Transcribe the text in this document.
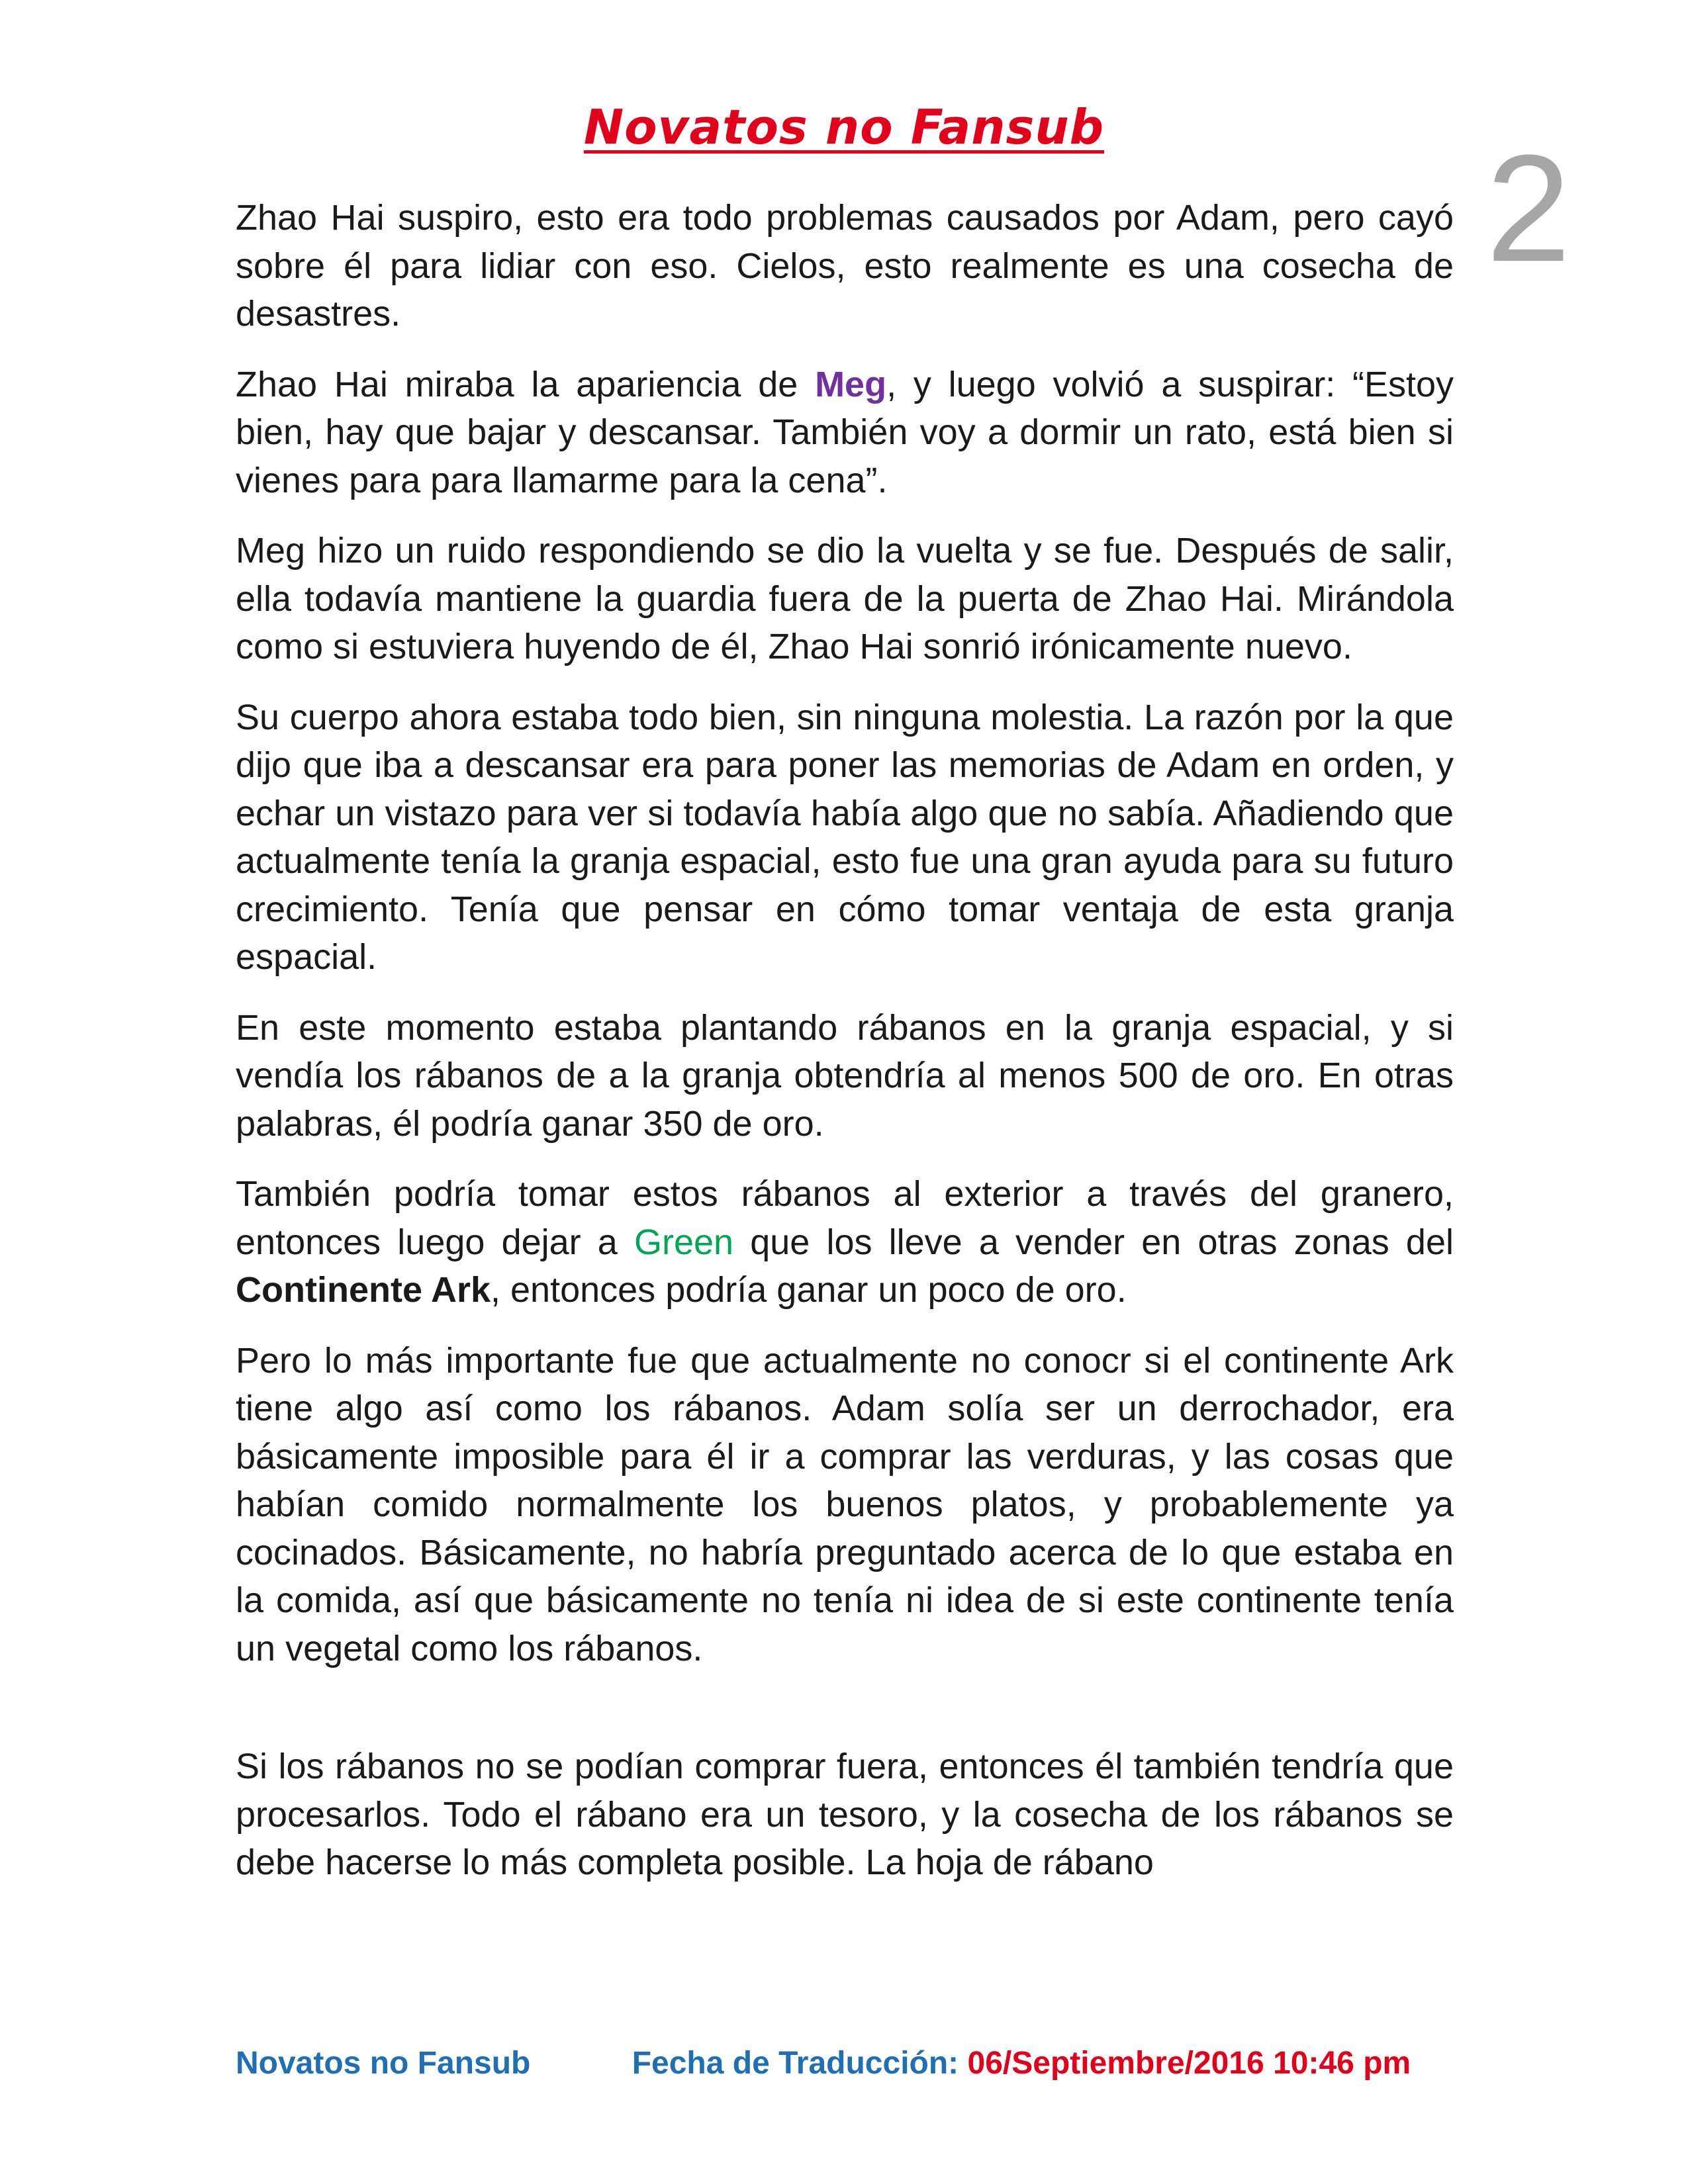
Novatos no Fansub	2

Zhao Hai suspiro, esto era todo problemas causados por Adam, pero cayó sobre él para lidiar con eso. Cielos, esto realmente es una cosecha de desastres.

Zhao Hai miraba la apariencia de Meg, y luego volvió a suspirar: “Estoy bien, hay que bajar y descansar. También voy a dormir un rato, está bien si vienes para para llamarme para la cena”.

Meg hizo un ruido respondiendo se dio la vuelta y se fue. Después de salir, ella todavía mantiene la guardia fuera de la puerta de Zhao Hai. Mirándola como si estuviera huyendo de él, Zhao Hai sonrió irónicamente nuevo.

Su cuerpo ahora estaba todo bien, sin ninguna molestia. La razón por la que dijo que iba a descansar era para poner las memorias de Adam en orden, y echar un vistazo para ver si todavía había algo que no sabía. Añadiendo que actualmente tenía la granja espacial, esto fue una gran ayuda para su futuro crecimiento. Tenía que pensar en cómo tomar ventaja de esta granja espacial.

En este momento estaba plantando rábanos en la granja espacial, y si vendía los rábanos de a la granja obtendría al menos 500 de oro. En otras palabras, él podría ganar 350 de oro.

También podría tomar estos rábanos al exterior a través del granero, entonces luego dejar a Green que los lleve a vender en otras zonas del Continente Ark, entonces podría ganar un poco de oro.

Pero lo más importante fue que actualmente no conocr si el continente Ark tiene algo así como los rábanos. Adam solía ser un derrochador, era básicamente imposible para él ir a comprar las verduras, y las cosas que habían comido normalmente los buenos platos, y probablemente ya cocinados. Básicamente, no habría preguntado acerca de lo que estaba en la comida, así que básicamente no tenía ni idea de si este continente tenía un vegetal como los rábanos.

Si los rábanos no se podían comprar fuera, entonces él también tendría que procesarlos. Todo el rábano era un tesoro, y la cosecha de los rábanos se debe hacerse lo más completa posible. La hoja de rábano

Novatos no Fansub	Fecha de Traducción: 06/Septiembre/2016 10:46 pm
